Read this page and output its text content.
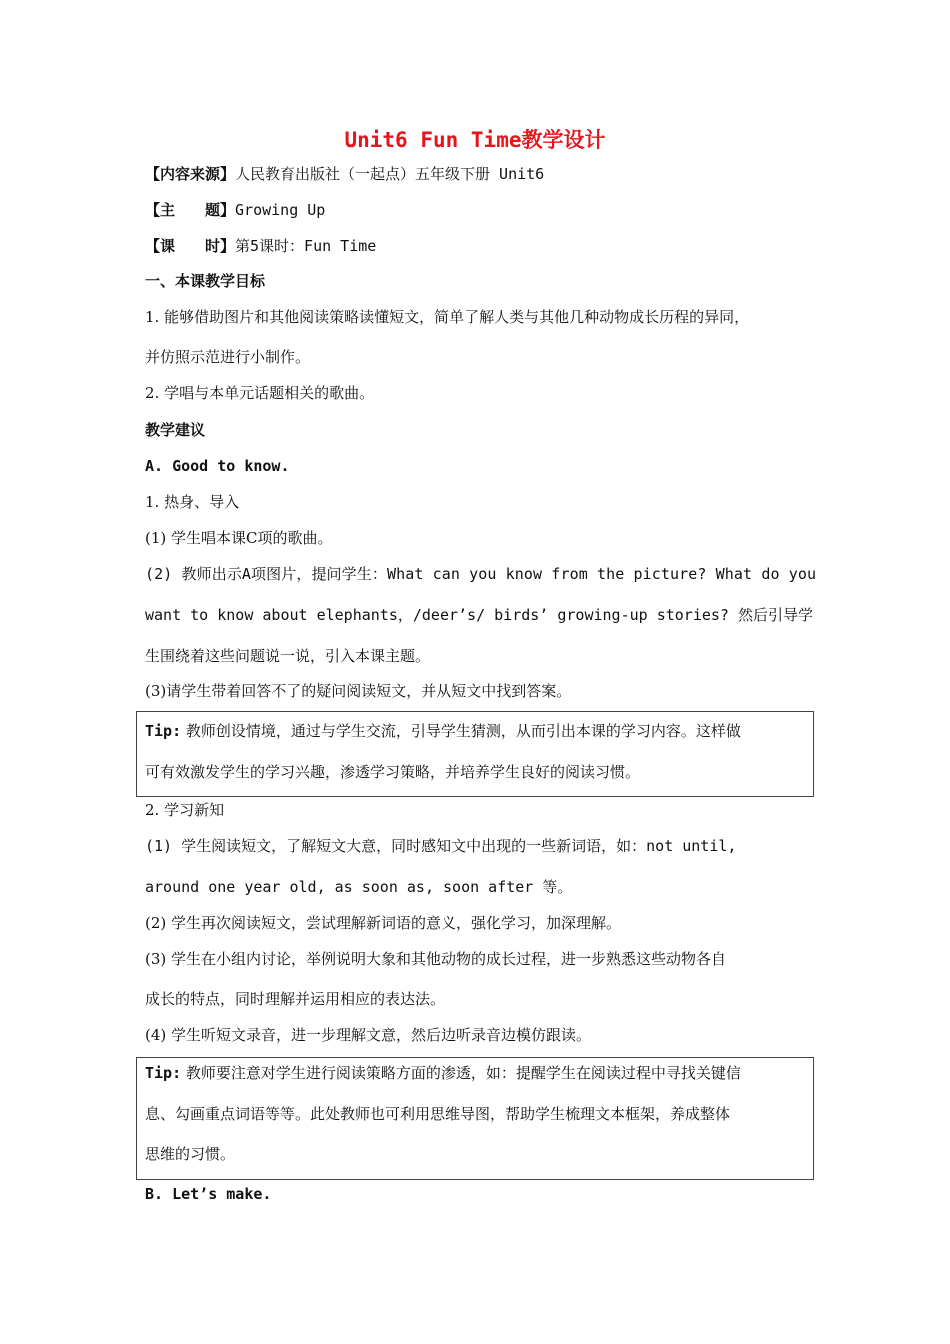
Unit6 Fun Time教学设计
【内容来源】人民教育出版社（一起点）五年级下册 Unit6
【主　　题】Growing Up
【课　　时】第5课时：Fun Time
一、本课教学目标
1. 能够借助图片和其他阅读策略读懂短文，简单了解人类与其他几种动物成长历程的异同，
并仿照示范进行小制作。
2. 学唱与本单元话题相关的歌曲。
教学建议
A. Good to know.
1. 热身、导入
(1) 学生唱本课C项的歌曲。
(2) 教师出示A项图片，提问学生：What can you know from the picture? What do you
want to know about elephants，/deer’s/ birds’ growing-up stories? 然后引导学
生围绕着这些问题说一说，引入本课主题。
(3)请学生带着回答不了的疑问阅读短文，并从短文中找到答案。
Tip: 教师创设情境，通过与学生交流，引导学生猜测，从而引出本课的学习内容。这样做
可有效激发学生的学习兴趣，渗透学习策略，并培养学生良好的阅读习惯。
2. 学习新知
(1) 学生阅读短文，了解短文大意，同时感知文中出现的一些新词语，如：not until,
around one year old, as soon as, soon after 等。
(2) 学生再次阅读短文，尝试理解新词语的意义，强化学习，加深理解。
(3) 学生在小组内讨论，举例说明大象和其他动物的成长过程，进一步熟悉这些动物各自
成长的特点，同时理解并运用相应的表达法。
(4) 学生听短文录音，进一步理解文意，然后边听录音边模仿跟读。
Tip: 教师要注意对学生进行阅读策略方面的渗透，如：提醒学生在阅读过程中寻找关键信
息、勾画重点词语等等。此处教师也可利用思维导图，帮助学生梳理文本框架，养成整体
思维的习惯。
B. Let’s make.
